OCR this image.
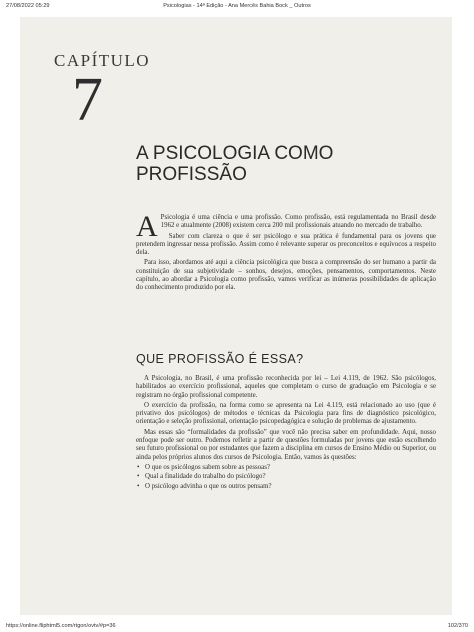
27/08/2022 05:29	Psicologias - 14ª Edição - Ana Mercês Bahia Bock _ Outros
CAPÍTULO
7
A PSICOLOGIA COMO PROFISSÃO

A Psicologia é uma ciência e uma profissão. Como profissão, está regulamentada no Brasil desde 1962 e atualmente (2008) existem cerca 200 mil profissionais atuando no mercado de trabalho.

Saber com clareza o que é ser psicólogo e sua prática é fundamental para os jovens que pretendem ingressar nessa profissão. Assim como é relevante superar os preconceitos e equívocos a respeito dela.

Para isso, abordamos até aqui a ciência psicológica que busca a compreensão do ser humano a partir da constituição de sua subjetividade – sonhos, desejos, emoções, pensamentos, comportamentos. Neste capítulo, ao abordar a Psicologia como profissão, vamos verificar as inúmeras possibilidades de aplicação do conhecimento produzido por ela.

QUE PROFISSÃO É ESSA?

A Psicologia, no Brasil, é uma profissão reconhecida por lei – Lei 4.119, de 1962. São psicólogos, habilitados ao exercício profissional, aqueles que completam o curso de graduação em Psicologia e se registram no órgão profissional competente.

O exercício da profissão, na forma como se apresenta na Lei 4.119, está relacionado ao uso (que é privativo dos psicólogos) de métodos e técnicas da Psicologia para fins de diagnóstico psicológico, orientação e seleção profissional, orientação psicopedagógica e solução de problemas de ajustamento.

Mas essas são “formalidades da profissão” que você não precisa saber em profundidade. Aqui, nosso enfoque pode ser outro. Podemos refletir a partir de questões formuladas por jovens que estão escolhendo seu futuro profissional ou por estudantes que fazem a disciplina em cursos de Ensino Médio ou Superior, ou ainda pelos próprios alunos dos cursos de Psicologia. Então, vamos às questões:

• O que os psicólogos sabem sobre as pessoas?
• Qual a finalidade do trabalho do psicólogo?
• O psicólogo advinha o que os outros pensam?
https://online.fliphtml5.com/rtgon/ovtv/#p=36	102/370
